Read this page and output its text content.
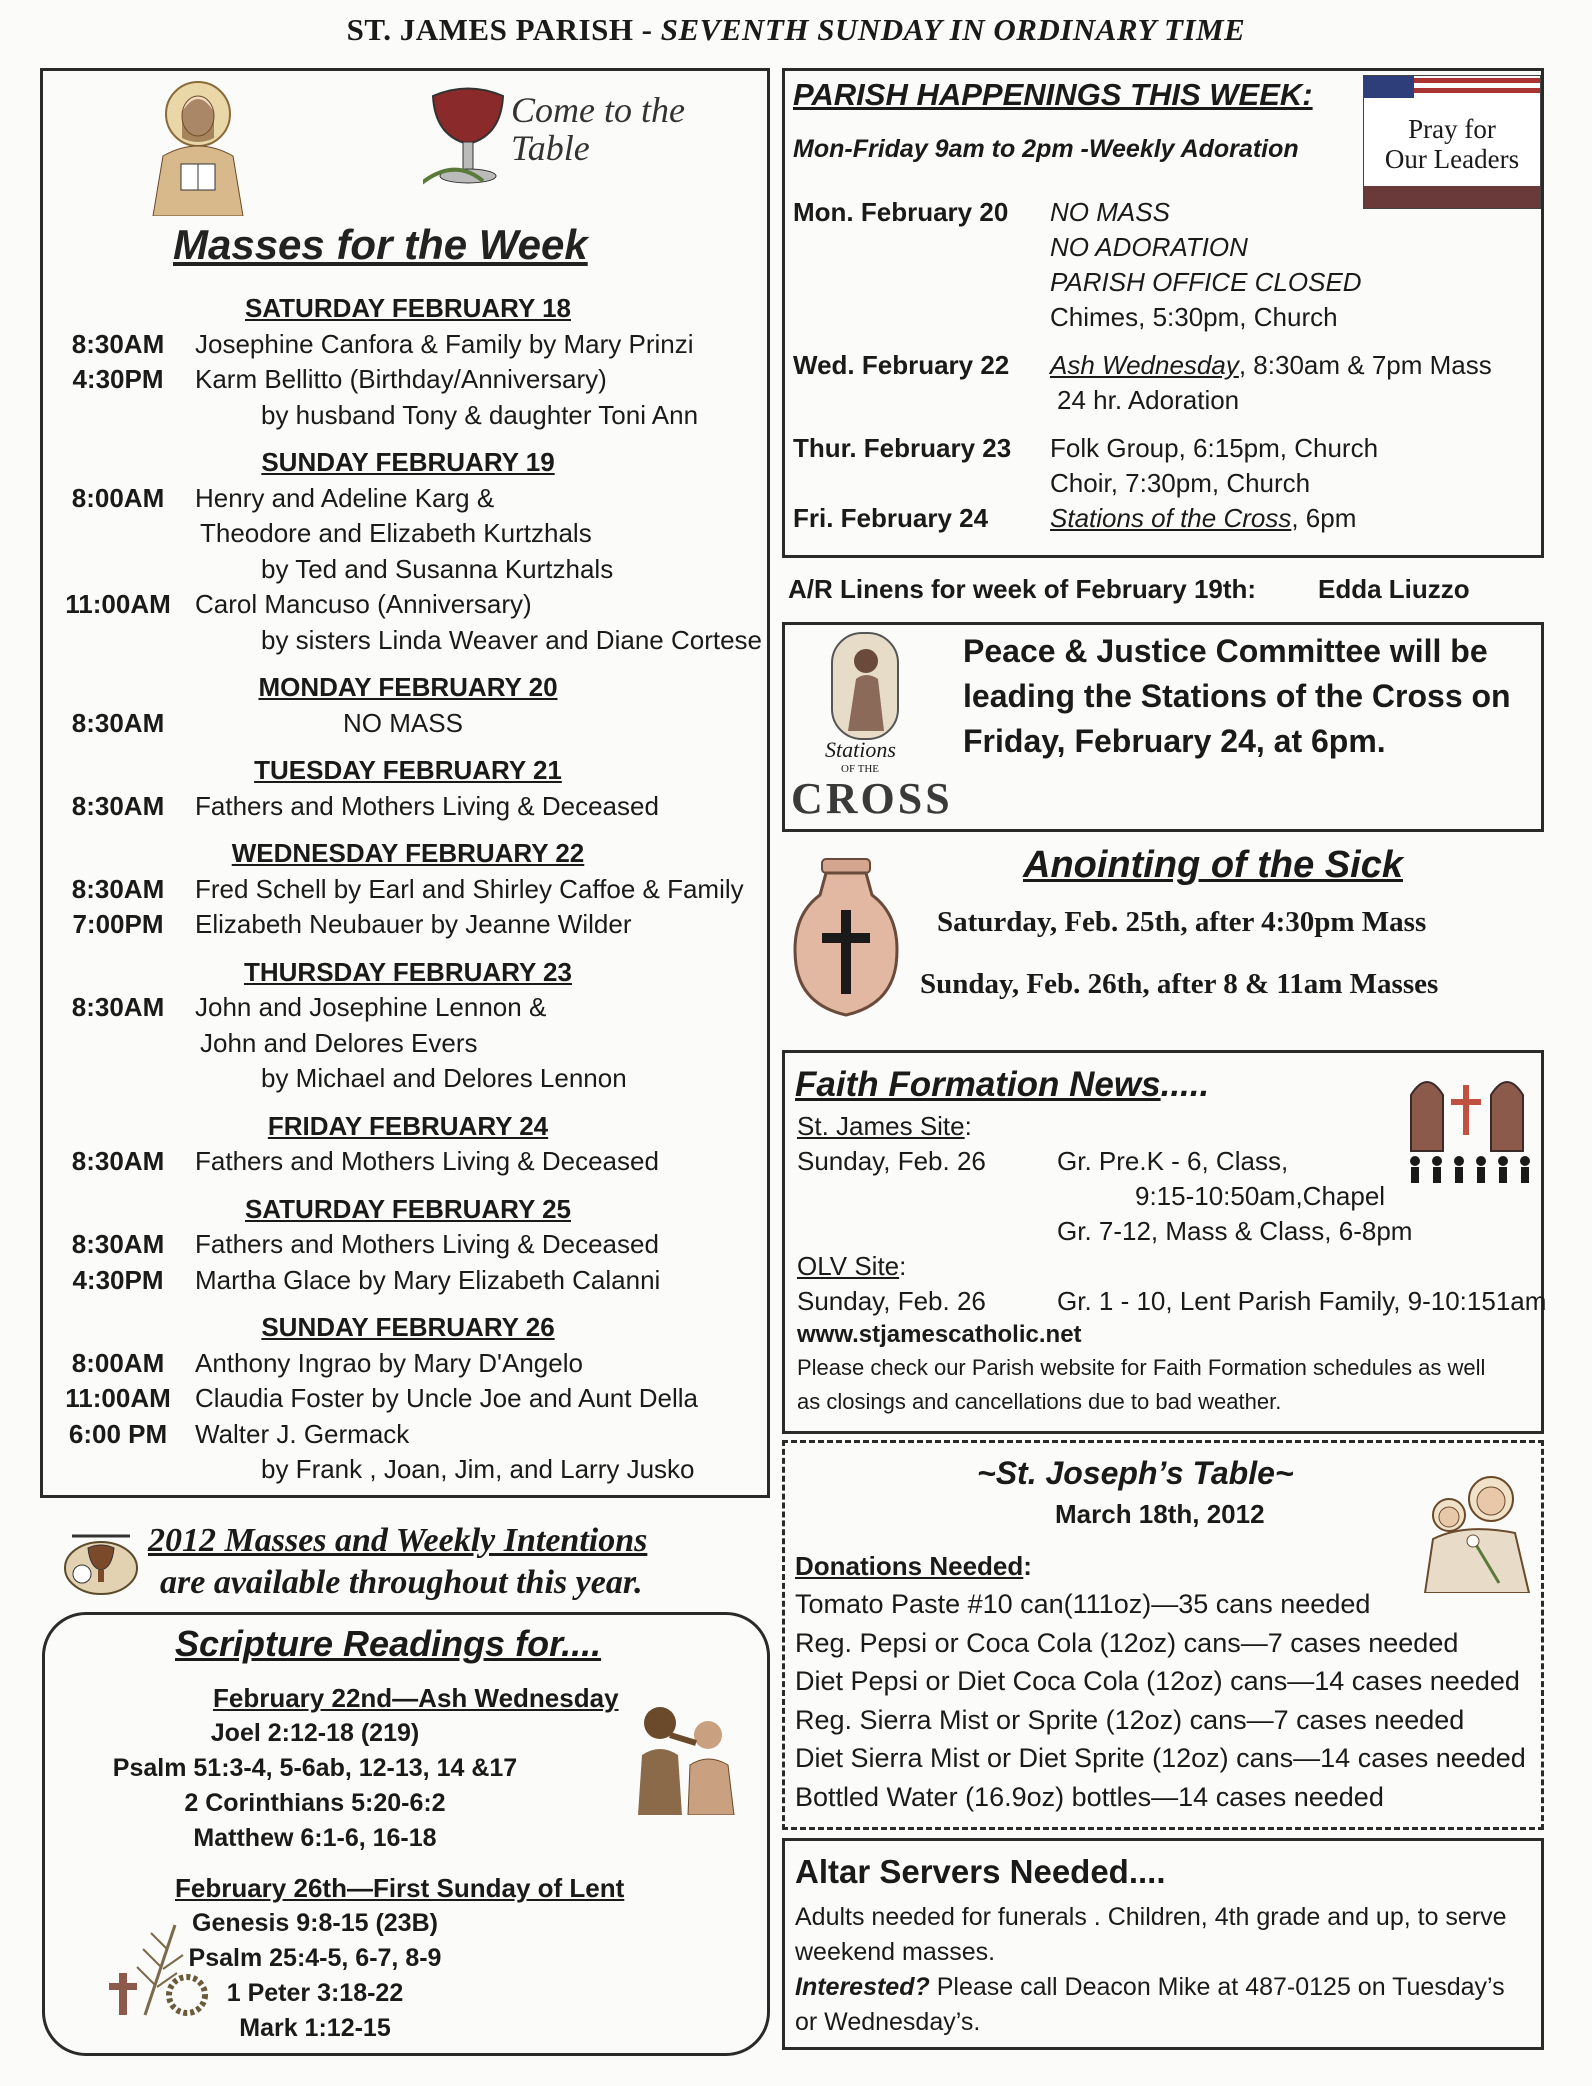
ST. JAMES PARISH - SEVENTH SUNDAY IN ORDINARY TIME
Come to the Table
Masses for the Week
SATURDAY FEBRUARY 18
8:30AM	Josephine Canfora & Family by Mary Prinzi
4:30PM	Karm Bellitto (Birthday/Anniversary)
by husband Tony & daughter Toni Ann
SUNDAY FEBRUARY 19
8:00AM	Henry and Adeline Karg &
Theodore and Elizabeth Kurtzhals
by Ted and Susanna Kurtzhals
11:00AM Carol Mancuso (Anniversary)
by sisters Linda Weaver and Diane Cortese
MONDAY FEBRUARY 20
8:30AM	NO MASS
TUESDAY FEBRUARY 21
8:30AM	Fathers and Mothers Living & Deceased
WEDNESDAY FEBRUARY 22
8:30AM	Fred Schell by Earl and Shirley Caffoe & Family
7:00PM	Elizabeth Neubauer by Jeanne Wilder
THURSDAY FEBRUARY 23
8:30AM	John and Josephine Lennon &
John and Delores Evers
by Michael and Delores Lennon
FRIDAY FEBRUARY 24
8:30AM	Fathers and Mothers Living & Deceased
SATURDAY FEBRUARY 25
8:30AM	Fathers and Mothers Living & Deceased
4:30PM	Martha Glace by Mary Elizabeth Calanni
SUNDAY FEBRUARY 26
8:00AM	Anthony Ingrao by Mary D'Angelo
11:00AM Claudia Foster by Uncle Joe and Aunt Della
6:00 PM	Walter J. Germack
by Frank , Joan, Jim, and Larry Jusko
2012 Masses and Weekly Intentions
are available throughout this year.
Scripture Readings for....
February 22nd—Ash Wednesday
Joel 2:12-18 (219)
Psalm 51:3-4, 5-6ab, 12-13, 14 &17
2 Corinthians 5:20-6:2
Matthew 6:1-6, 16-18
February 26th—First Sunday of Lent
Genesis 9:8-15 (23B)
Psalm 25:4-5, 6-7, 8-9
1 Peter 3:18-22
Mark 1:12-15
PARISH HAPPENINGS THIS WEEK:
Mon-Friday 9am to 2pm -Weekly Adoration
Pray for
Our Leaders
Mon. February 20 NO MASS
NO ADORATION
PARISH OFFICE CLOSED
Chimes, 5:30pm, Church
Wed. February 22 Ash Wednesday, 8:30am & 7pm Mass
24 hr. Adoration
Thur. February 23 Folk Group, 6:15pm, Church
Choir, 7:30pm, Church
Fri. February 24 Stations of the Cross, 6pm
A/R Linens for week of February 19th: Edda Liuzzo
Stations
OF THE
CROSS
Peace & Justice Committee will be
leading the Stations of the Cross on
Friday, February 24, at 6pm.
Anointing of the Sick
Saturday, Feb. 25th, after 4:30pm Mass
Sunday, Feb. 26th, after 8 & 11am Masses
Faith Formation News.....
St. James Site:
Sunday, Feb. 26	Gr. Pre.K - 6, Class,
9:15-10:50am,Chapel
Gr. 7-12, Mass & Class, 6-8pm
OLV Site:
Sunday, Feb. 26	Gr. 1 - 10, Lent Parish Family, 9-10:151am
www.stjamescatholic.net
Please check our Parish website for Faith Formation schedules as well
as closings and cancellations due to bad weather.
~St. Joseph’s Table~
March 18th, 2012
Donations Needed:
Tomato Paste #10 can(111oz)—35 cans needed
Reg. Pepsi or Coca Cola (12oz) cans—7 cases needed
Diet Pepsi or Diet Coca Cola (12oz) cans—14 cases needed
Reg. Sierra Mist or Sprite (12oz) cans—7 cases needed
Diet Sierra Mist or Diet Sprite (12oz) cans—14 cases needed
Bottled Water (16.9oz) bottles—14 cases needed
Altar Servers Needed....
Adults needed for funerals . Children, 4th grade and up, to serve
weekend masses.
Interested? Please call Deacon Mike at 487-0125 on Tuesday’s
or Wednesday’s.
